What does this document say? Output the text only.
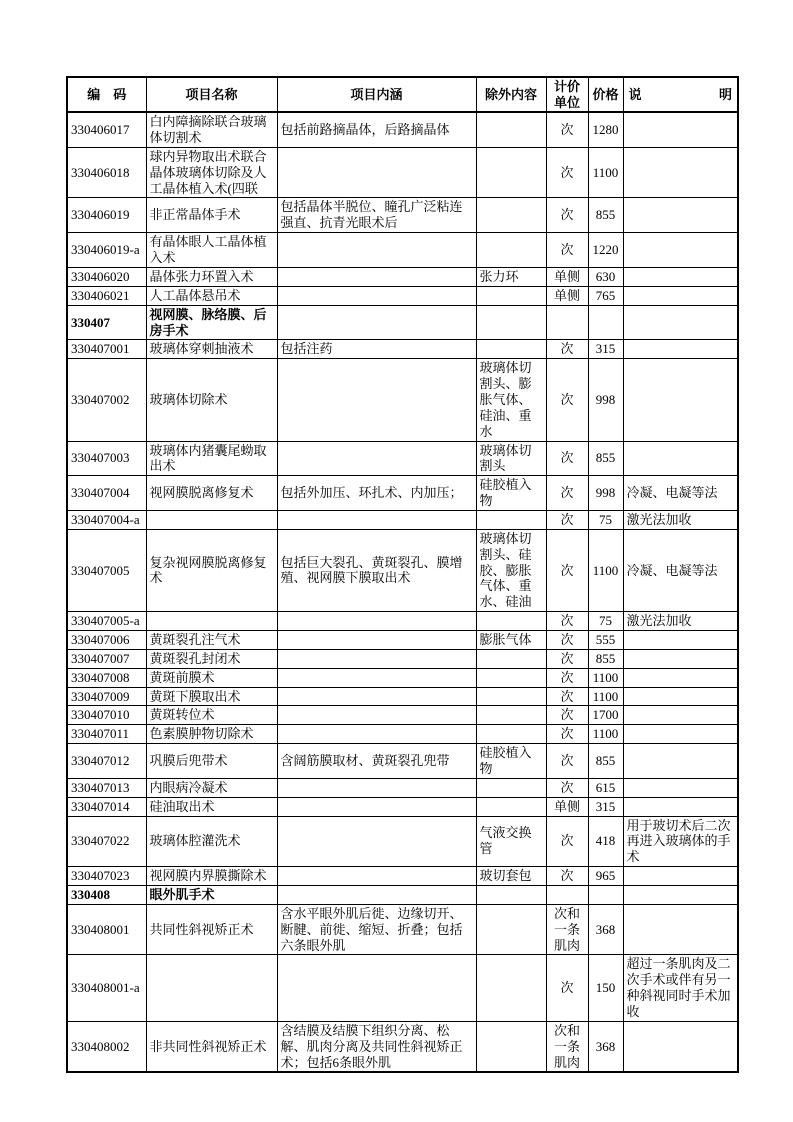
编　码	项目名称	项目内涵	除外内容	计价单位	价格	说明
330406017	白内障摘除联合玻璃体切割术	包括前路摘晶体，后路摘晶体		次	1280	
330406018	球内异物取出术联合晶体玻璃体切除及人工晶体植入术(四联			次	1100	
330406019	非正常晶体手术	包括晶体半脱位、瞳孔广泛粘连强直、抗青光眼术后		次	855	
330406019-a	有晶体眼人工晶体植入术			次	1220	
330406020	晶体张力环置入术		张力环	单侧	630	
330406021	人工晶体悬吊术			单侧	765	
330407	视网膜、脉络膜、后房手术					
330407001	玻璃体穿刺抽液术	包括注药		次	315	
330407002	玻璃体切除术		玻璃体切割头、膨胀气体、硅油、重水	次	998	
330407003	玻璃体内猪囊尾蚴取出术		玻璃体切割头	次	855	
330407004	视网膜脱离修复术	包括外加压、环扎术、内加压；	硅胶植入物	次	998	冷凝、电凝等法
330407004-a				次	75	激光法加收
330407005	复杂视网膜脱离修复术	包括巨大裂孔、黄斑裂孔、膜增殖、视网膜下膜取出术	玻璃体切割头、硅胶、膨胀气体、重水、硅油	次	1100	冷凝、电凝等法
330407005-a				次	75	激光法加收
330407006	黄斑裂孔注气术		膨胀气体	次	555	
330407007	黄斑裂孔封闭术			次	855	
330407008	黄斑前膜术			次	1100	
330407009	黄斑下膜取出术			次	1100	
330407010	黄斑转位术			次	1700	
330407011	色素膜肿物切除术			次	1100	
330407012	巩膜后兜带术	含阔筋膜取材、黄斑裂孔兜带	硅胶植入物	次	855	
330407013	内眼病冷凝术			次	615	
330407014	硅油取出术			单侧	315	
330407022	玻璃体腔灌洗术		气液交换管	次	418	用于玻切术后二次再进入玻璃体的手术
330407023	视网膜内界膜撕除术		玻切套包	次	965	
330408	眼外肌手术					
330408001	共同性斜视矫正术	含水平眼外肌后徙、边缘切开、断腱、前徙、缩短、折叠；包括六条眼外肌		次和一条肌肉	368	
330408001-a				次	150	超过一条肌肉及二次手术或伴有另一种斜视同时手术加收
330408002	非共同性斜视矫正术	含结膜及结膜下组织分离、松解、肌肉分离及共同性斜视矫正术；包括6条眼外肌		次和一条肌肉	368	
